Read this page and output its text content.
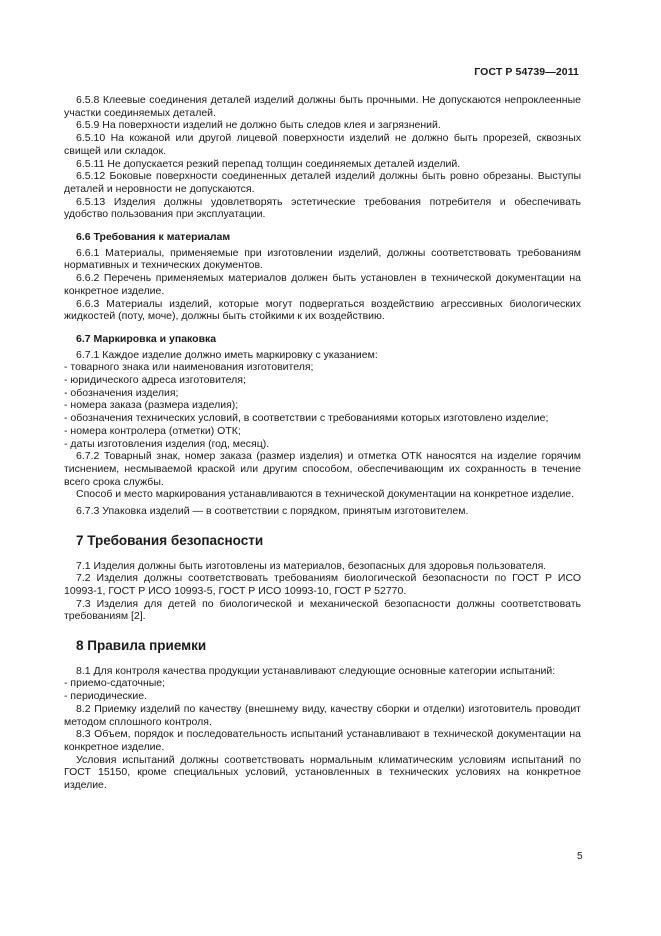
ГОСТ Р 54739—2011

6.5.8 Клеевые соединения деталей изделий должны быть прочными. Не допускаются непроклеенные участки соединяемых деталей.

6.5.9 На поверхности изделий не должно быть следов клея и загрязнений.

6.5.10 На кожаной или другой лицевой поверхности изделий не должно быть прорезей, сквозных свищей или складок.

6.5.11 Не допускается резкий перепад толщин соединяемых деталей изделий.

6.5.12 Боковые поверхности соединенных деталей изделий должны быть ровно обрезаны. Выступы деталей и неровности не допускаются.

6.5.13 Изделия должны удовлетворять эстетические требования потребителя и обеспечивать удобство пользования при эксплуатации.

6.6 Требования к материалам

6.6.1 Материалы, применяемые при изготовлении изделий, должны соответствовать требованиям нормативных и технических документов.

6.6.2 Перечень применяемых материалов должен быть установлен в технической документации на конкретное изделие.

6.6.3 Материалы изделий, которые могут подвергаться воздействию агрессивных биологических жидкостей (поту, моче), должны быть стойкими к их воздействию.

6.7 Маркировка и упаковка

6.7.1 Каждое изделие должно иметь маркировку с указанием:

- товарного знака или наименования изготовителя;

- юридического адреса изготовителя;

- обозначения изделия;

- номера заказа (размера изделия);

- обозначения технических условий, в соответствии с требованиями которых изготовлено изделие;

- номера контролера (отметки) ОТК;

- даты изготовления изделия (год, месяц).

6.7.2 Товарный знак, номер заказа (размер изделия) и отметка ОТК наносятся на изделие горячим тиснением, несмываемой краской или другим способом, обеспечивающим их сохранность в течение всего срока службы.

Способ и место маркирования устанавливаются в технической документации на конкретное изделие.

6.7.3 Упаковка изделий — в соответствии с порядком, принятым изготовителем.

7 Требования безопасности

7.1 Изделия должны быть изготовлены из материалов, безопасных для здоровья пользователя.

7.2 Изделия должны соответствовать требованиям биологической безопасности по ГОСТ Р ИСО 10993-1, ГОСТ Р ИСО 10993-5, ГОСТ Р ИСО 10993-10, ГОСТ Р 52770.

7.3 Изделия для детей по биологической и механической безопасности должны соответствовать требованиям [2].

8 Правила приемки

8.1 Для контроля качества продукции устанавливают следующие основные категории испытаний:

- приемо-сдаточные;

- периодические.

8.2 Приемку изделий по качеству (внешнему виду, качеству сборки и отделки) изготовитель проводит методом сплошного контроля.

8.3 Объем, порядок и последовательность испытаний устанавливают в технической документации на конкретное изделие.

Условия испытаний должны соответствовать нормальным климатическим условиям испытаний по ГОСТ 15150, кроме специальных условий, установленных в технических условиях на конкретное изделие.

5
